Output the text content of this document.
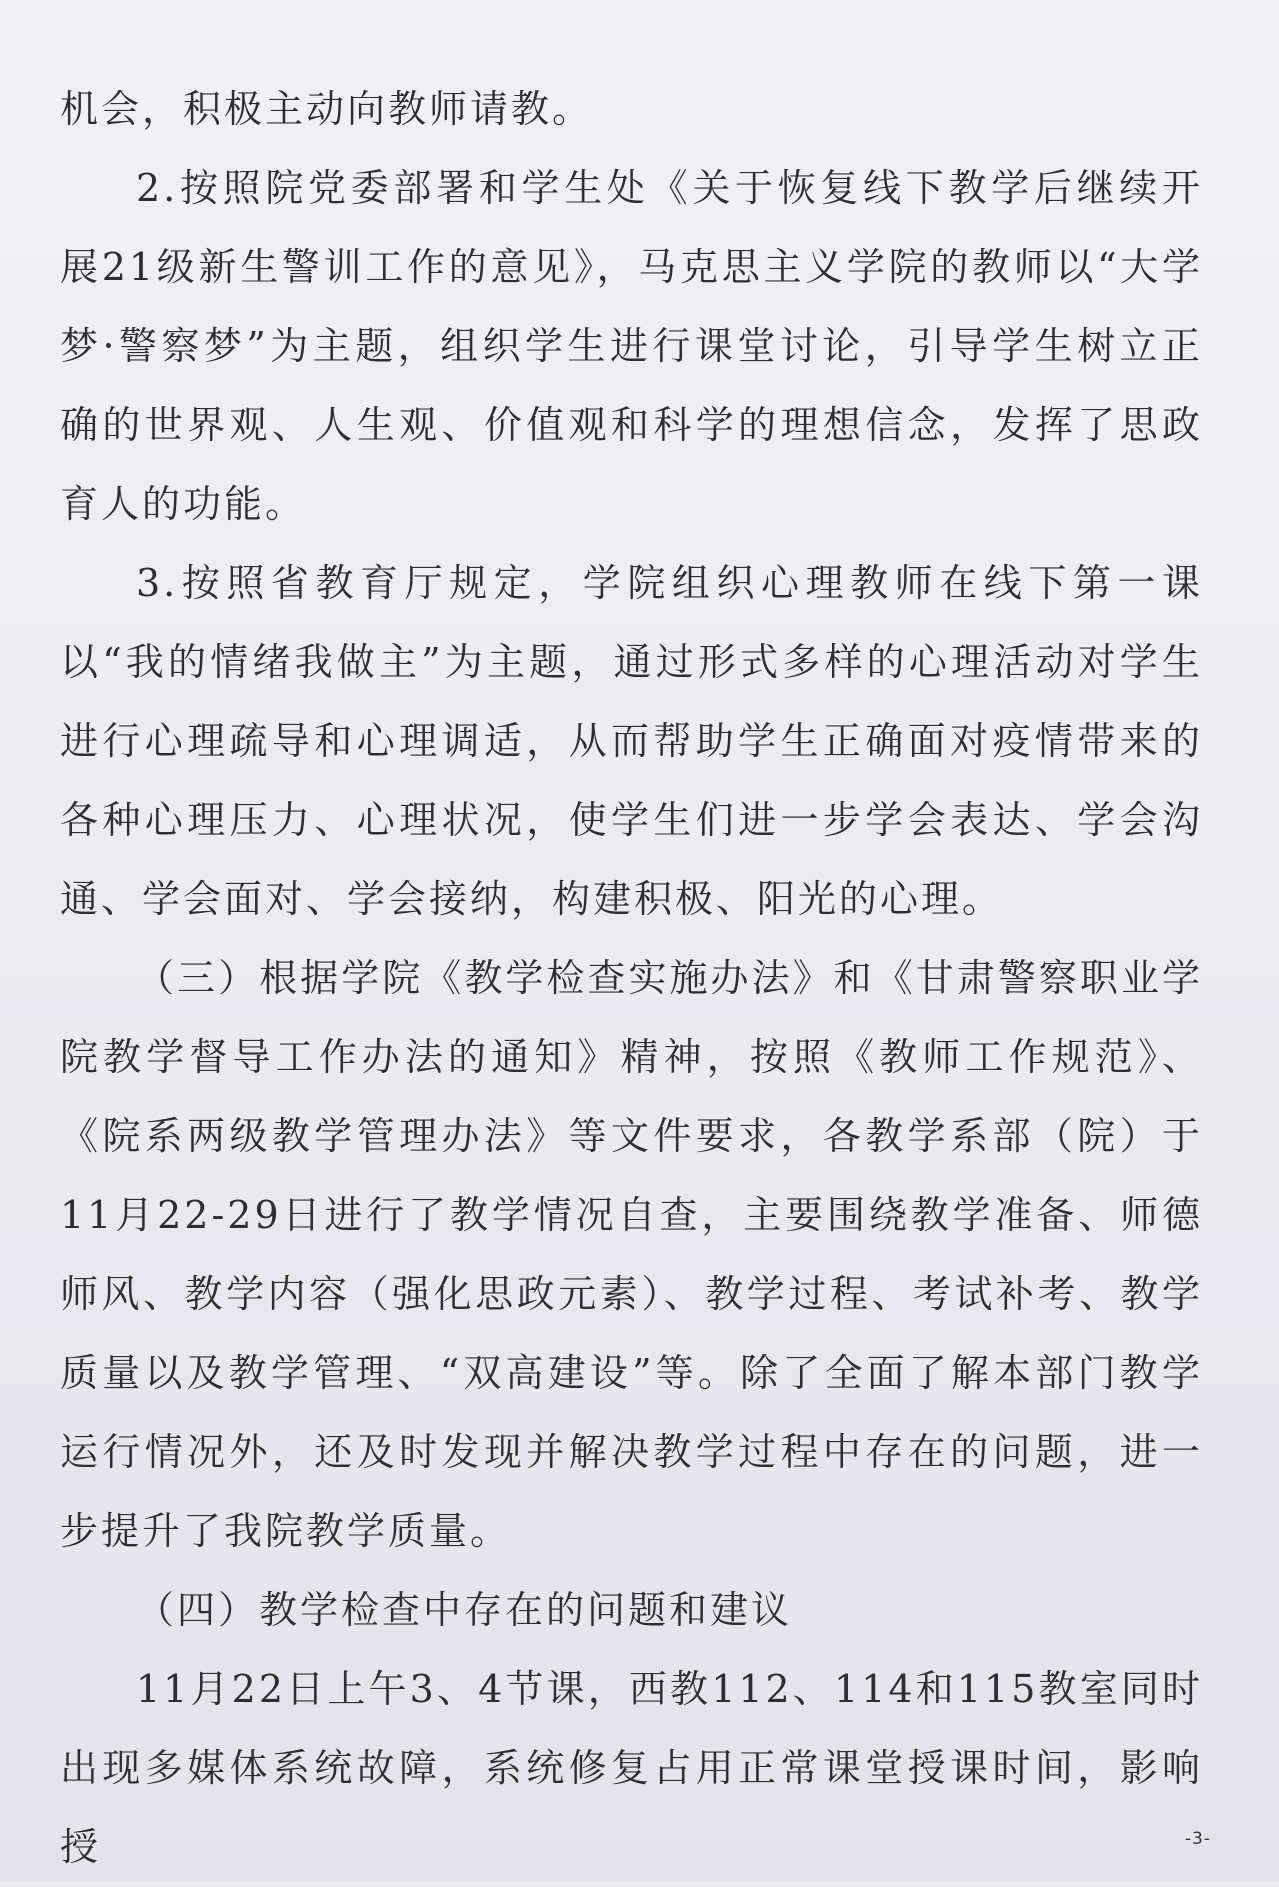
机会，积极主动向教师请教。

2.按照院党委部署和学生处《关于恢复线下教学后继续开展21级新生警训工作的意见》，马克思主义学院的教师以“大学梦·警察梦”为主题，组织学生进行课堂讨论，引导学生树立正确的世界观、人生观、价值观和科学的理想信念，发挥了思政育人的功能。

3.按照省教育厅规定，学院组织心理教师在线下第一课以“我的情绪我做主”为主题，通过形式多样的心理活动对学生进行心理疏导和心理调适，从而帮助学生正确面对疫情带来的各种心理压力、心理状况，使学生们进一步学会表达、学会沟通、学会面对、学会接纳，构建积极、阳光的心理。

（三）根据学院《教学检查实施办法》和《甘肃警察职业学院教学督导工作办法的通知》精神，按照《教师工作规范》、《院系两级教学管理办法》等文件要求，各教学系部（院）于11月22-29日进行了教学情况自查，主要围绕教学准备、师德师风、教学内容（强化思政元素）、教学过程、考试补考、教学质量以及教学管理、“双高建设”等。除了全面了解本部门教学运行情况外，还及时发现并解决教学过程中存在的问题，进一步提升了我院教学质量。

（四）教学检查中存在的问题和建议

11月22日上午3、4节课，西教112、114和115教室同时出现多媒体系统故障，系统修复占用正常课堂授课时间，影响授	-3-
